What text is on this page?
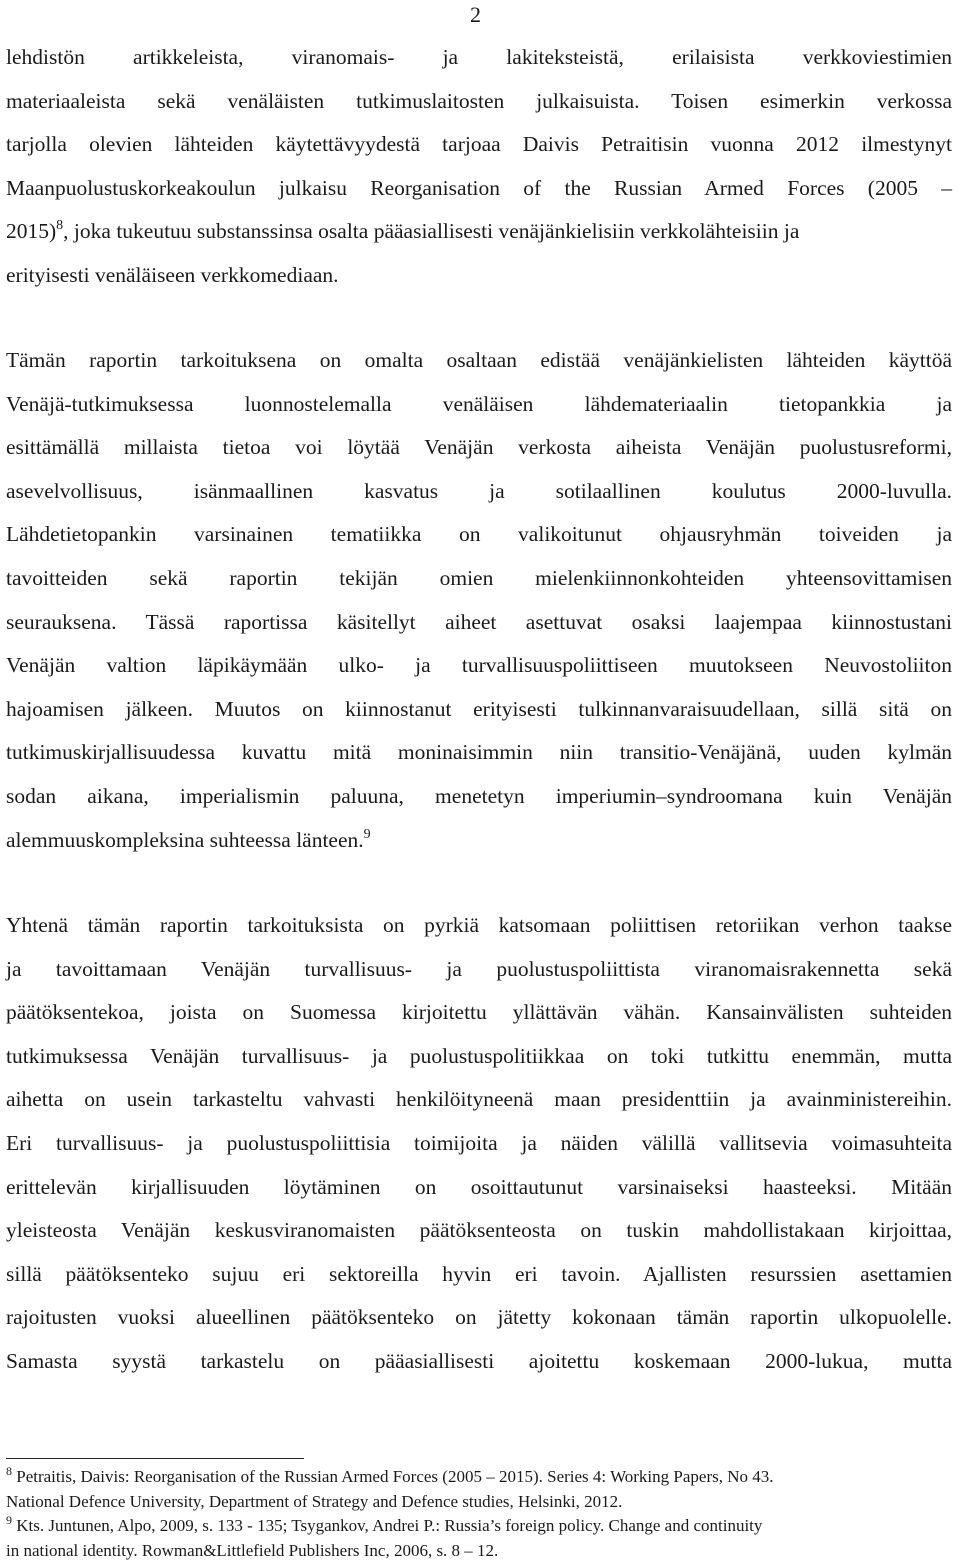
2
lehdistön artikkeleista, viranomais- ja lakiteksteistä, erilaisista verkkoviestimien
materiaaleista sekä venäläisten tutkimuslaitosten julkaisuista. Toisen esimerkin verkossa
tarjolla olevien lähteiden käytettävyydestä tarjoaa Daivis Petraitisin vuonna 2012 ilmestynyt
Maanpuolustuskorkeakoulun julkaisu Reorganisation of the Russian Armed Forces (2005 –
2015)$^8$, joka tukeutuu substanssinsa osalta pääasiallisesti venäjänkielisiin verkkolähteisiin ja
erityisesti venäläiseen verkkomediaan.
Tämän raportin tarkoituksena on omalta osaltaan edistää venäjänkielisten lähteiden käyttöä
Venäjä-tutkimuksessa luonnostelemalla venäläisen lähdemateriaalin tietopankkia ja
esittämällä millaista tietoa voi löytää Venäjän verkosta aiheista Venäjän puolustusreformi,
asevelvollisuus, isänmaallinen kasvatus ja sotilaallinen koulutus 2000-luvulla.
Lähdetietopankin varsinainen tematiikka on valikoitunut ohjausryhmän toiveiden ja
tavoitteiden sekä raportin tekijän omien mielenkiinnonkohteiden yhteensovittamisen
seurauksena. Tässä raportissa käsitellyt aiheet asettuvat osaksi laajempaa kiinnostustani
Venäjän valtion läpikäymään ulko- ja turvallisuuspoliittiseen muutokseen Neuvostoliiton
hajoamisen jälkeen. Muutos on kiinnostanut erityisesti tulkinnanvaraisuudellaan, sillä sitä on
tutkimuskirjallisuudessa kuvattu mitä moninaisimmin niin transitio-Venäjänä, uuden kylmän
sodan aikana, imperialismin paluuna, menetetyn imperiumin–syndroomana kuin Venäjän
alemmuuskompleksina suhteessa länteen.$^9$
Yhtenä tämän raportin tarkoituksista on pyrkiä katsomaan poliittisen retoriikan verhon taakse
ja tavoittamaan Venäjän turvallisuus- ja puolustuspoliittista viranomaisrakennetta sekä
päätöksentekoa, joista on Suomessa kirjoitettu yllättävän vähän. Kansainvälisten suhteiden
tutkimuksessa Venäjän turvallisuus- ja puolustuspolitiikkaa on toki tutkittu enemmän, mutta
aihetta on usein tarkasteltu vahvasti henkilöityneenä maan presidenttiin ja avainministereihin.
Eri turvallisuus- ja puolustuspoliittisia toimijoita ja näiden välillä vallitsevia voimasuhteita
erittelevän kirjallisuuden löytäminen on osoittautunut varsinaiseksi haasteeksi. Mitään
yleisteosta Venäjän keskusviranomaisten päätöksenteosta on tuskin mahdollistakaan kirjoittaa,
sillä päätöksenteko sujuu eri sektoreilla hyvin eri tavoin. Ajallisten resurssien asettamien
rajoitusten vuoksi alueellinen päätöksenteko on jätetty kokonaan tämän raportin ulkopuolelle.
Samasta syystä tarkastelu on pääasiallisesti ajoitettu koskemaan 2000-lukua, mutta
$^8$ Petraitis, Daivis: Reorganisation of the Russian Armed Forces (2005 – 2015). Series 4: Working Papers, No 43.
National Defence University, Department of Strategy and Defence studies, Helsinki, 2012.
$^9$ Kts. Juntunen, Alpo, 2009, s. 133 - 135; Tsygankov, Andrei P.: Russia’s foreign policy. Change and continuity
in national identity. Rowman&Littlefield Publishers Inc, 2006, s. 8 – 12.
